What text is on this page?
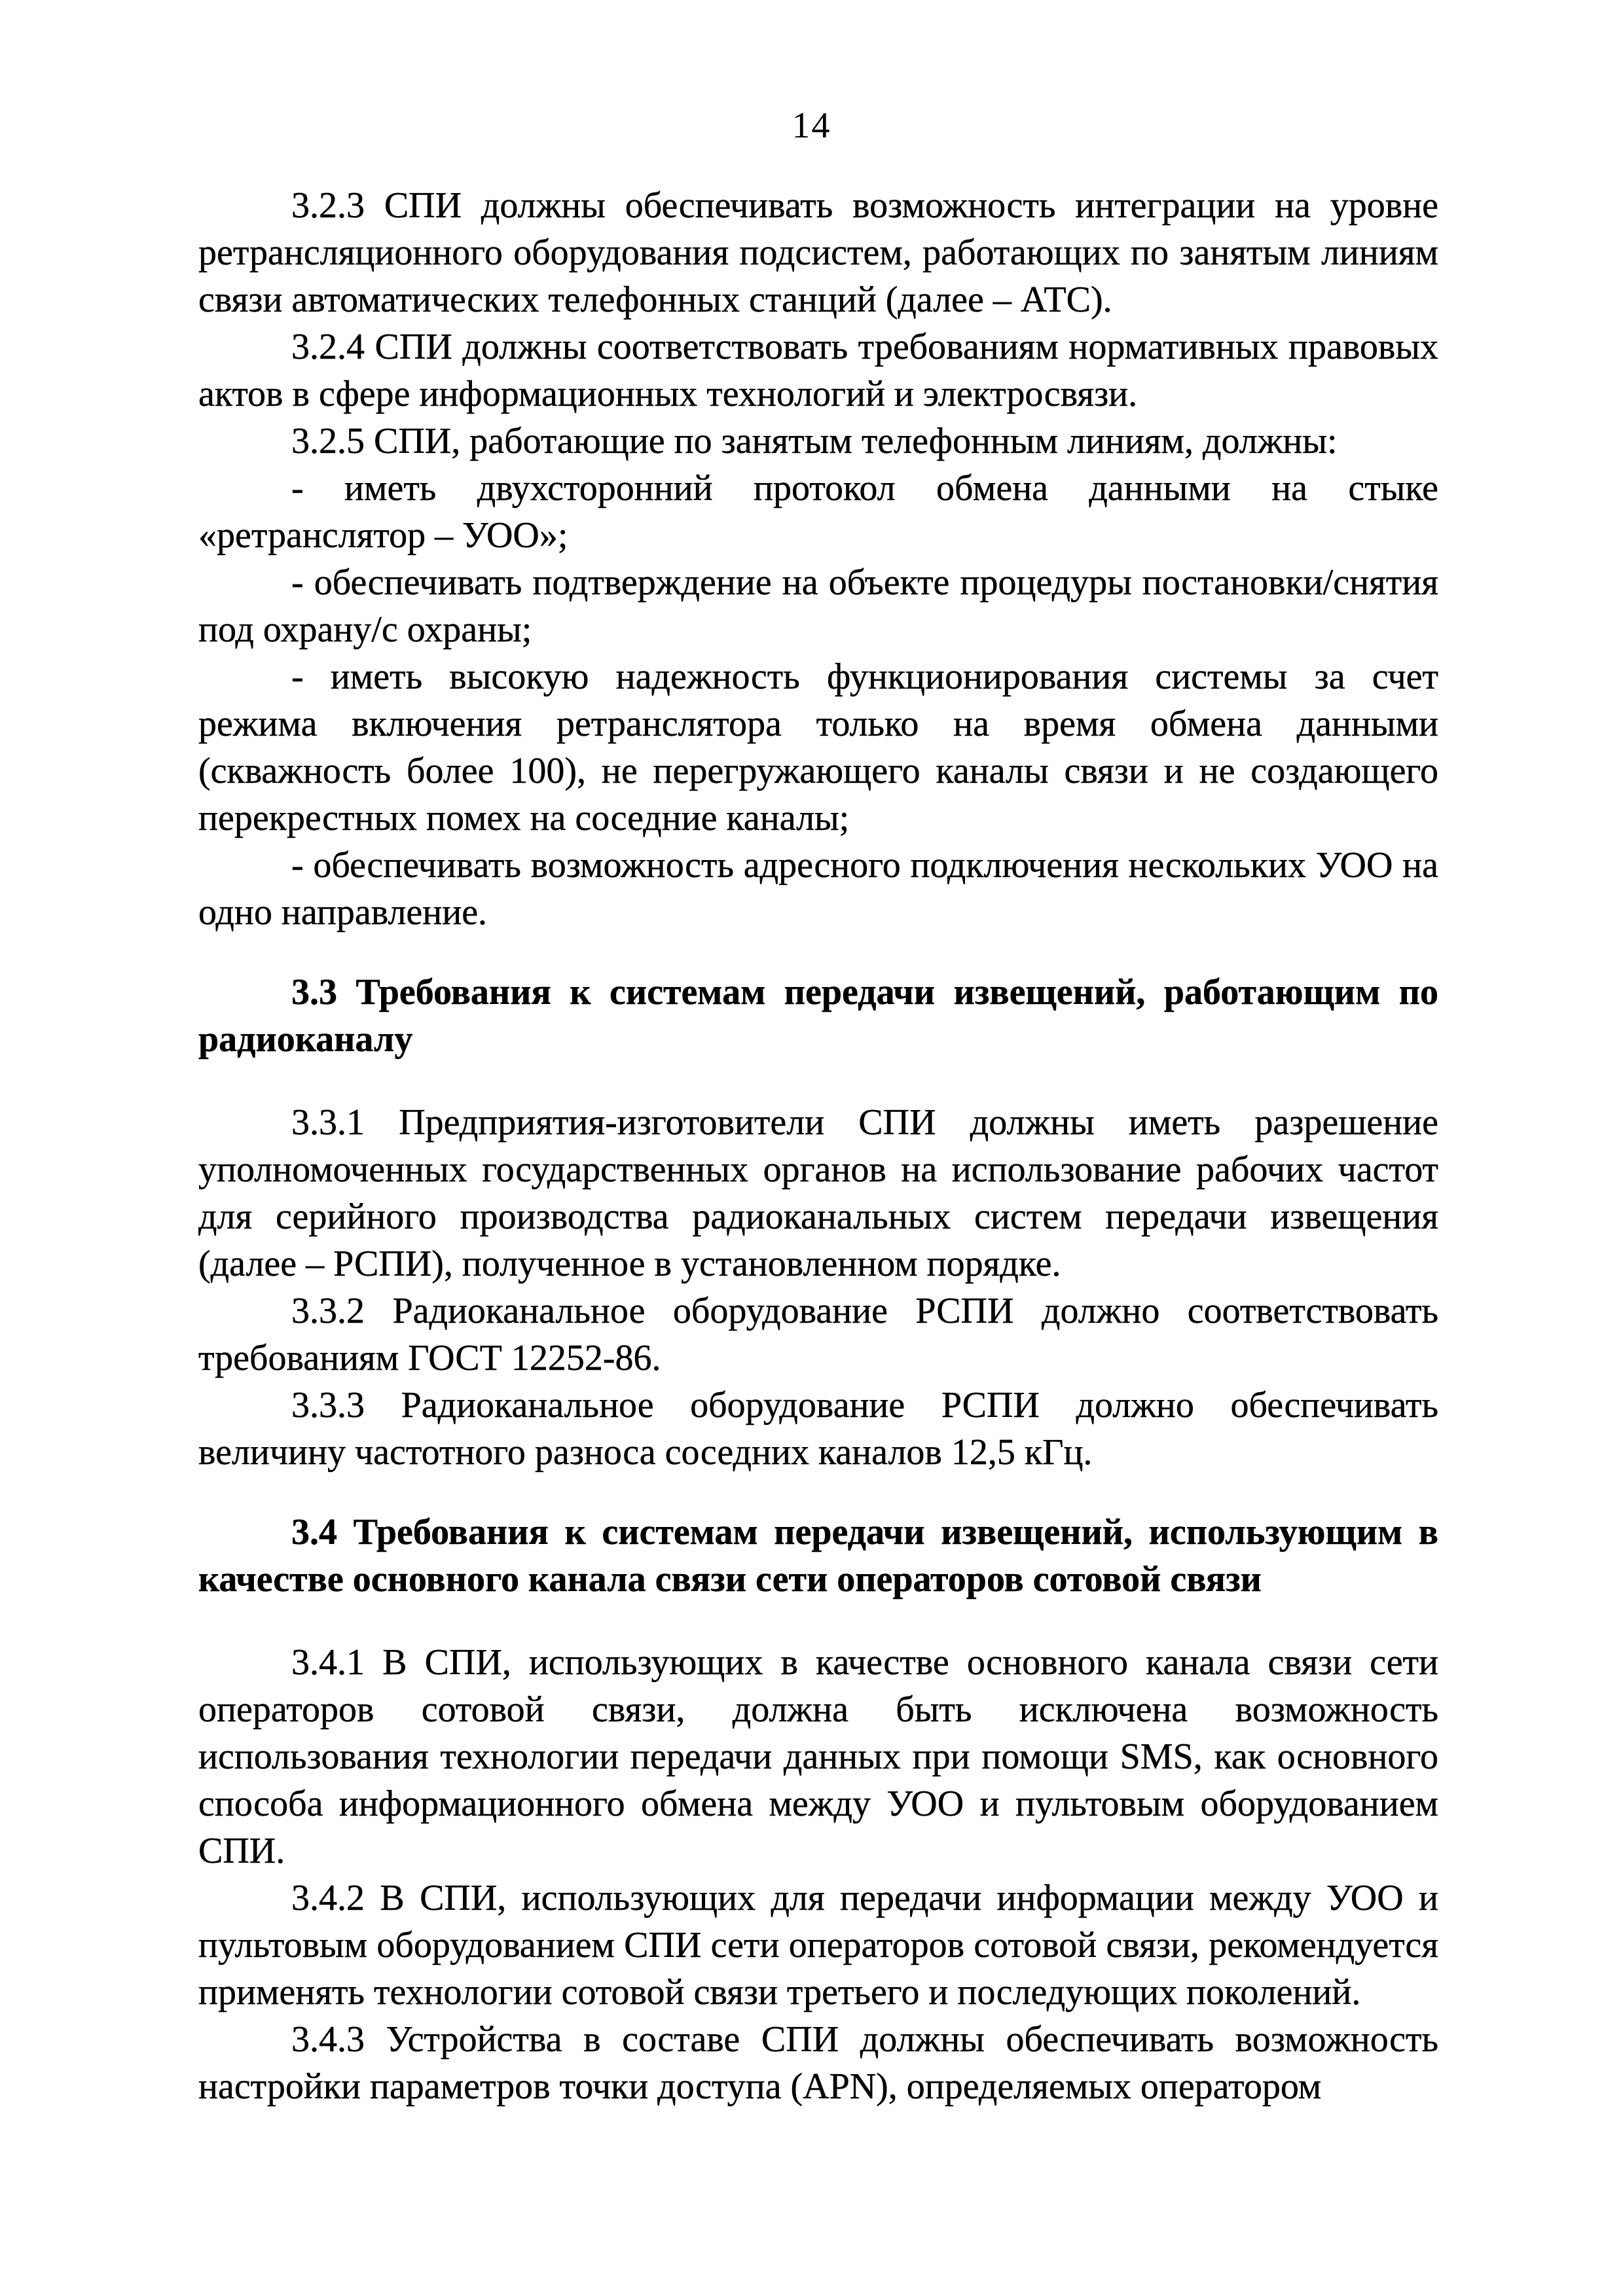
14

3.2.3 СПИ должны обеспечивать возможность интеграции на уровне ретрансляционного оборудования подсистем, работающих по занятым линиям связи автоматических телефонных станций (далее – АТС).

3.2.4 СПИ должны соответствовать требованиям нормативных правовых актов в сфере информационных технологий и электросвязи.

3.2.5 СПИ, работающие по занятым телефонным линиям, должны:

- иметь двухсторонний протокол обмена данными на стыке «ретранслятор – УОО»;

- обеспечивать подтверждение на объекте процедуры постановки/снятия под охрану/с охраны;

- иметь высокую надежность функционирования системы за счет режима включения ретранслятора только на время обмена данными (скважность более 100), не перегружающего каналы связи и не создающего перекрестных помех на соседние каналы;

- обеспечивать возможность адресного подключения нескольких УОО на одно направление.

3.3 Требования к системам передачи извещений, работающим по радиоканалу

3.3.1 Предприятия-изготовители СПИ должны иметь разрешение уполномоченных государственных органов на использование рабочих частот для серийного производства радиоканальных систем передачи извещения (далее – РСПИ), полученное в установленном порядке.

3.3.2 Радиоканальное оборудование РСПИ должно соответствовать требованиям ГОСТ 12252-86.

3.3.3 Радиоканальное оборудование РСПИ должно обеспечивать величину частотного разноса соседних каналов 12,5 кГц.

3.4 Требования к системам передачи извещений, использующим в качестве основного канала связи сети операторов сотовой связи

3.4.1 В СПИ, использующих в качестве основного канала связи сети операторов сотовой связи, должна быть исключена возможность использования технологии передачи данных при помощи SMS, как основного способа информационного обмена между УОО и пультовым оборудованием СПИ.

3.4.2 В СПИ, использующих для передачи информации между УОО и пультовым оборудованием СПИ сети операторов сотовой связи, рекомендуется применять технологии сотовой связи третьего и последующих поколений.

3.4.3 Устройства в составе СПИ должны обеспечивать возможность настройки параметров точки доступа (APN), определяемых оператором
